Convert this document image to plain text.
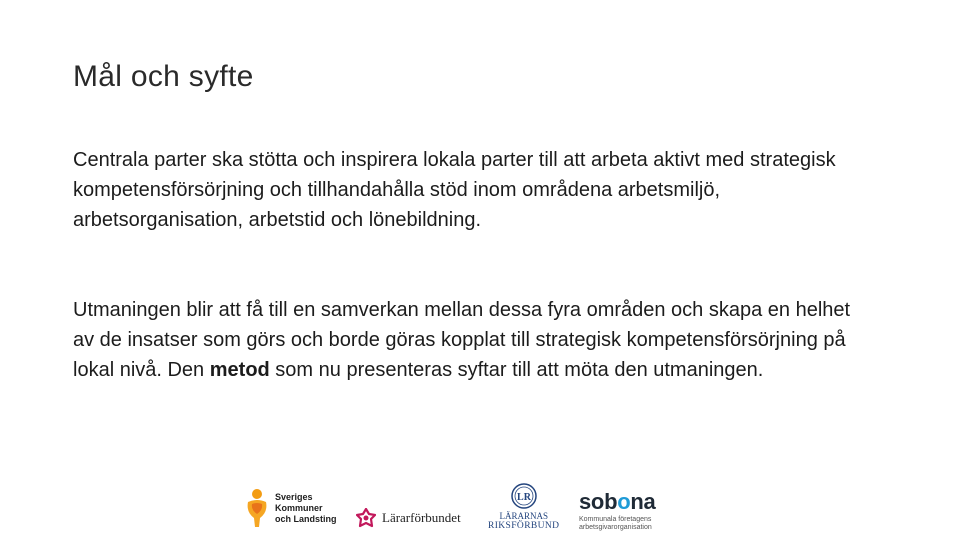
Mål och syfte

Centrala parter ska stötta och inspirera lokala parter till att arbeta aktivt med strategisk kompetensförsörjning och tillhandahålla stöd inom områdena arbetsmiljö, arbetsorganisation, arbetstid och lönebildning.

Utmaningen blir att få till en samverkan mellan dessa fyra områden och skapa en helhet av de insatser som görs och borde göras kopplat till strategisk kompetensförsörjning på lokal nivå. Den metod som nu presenteras syftar till att möta den utmaningen.

Sveriges
Kommuner
och Landsting	Lärarförbundet
LR
LÄRARNAS
RIKSFÖRBUND
sobona
Kommunala företagens
arbetsgivarorganisation
